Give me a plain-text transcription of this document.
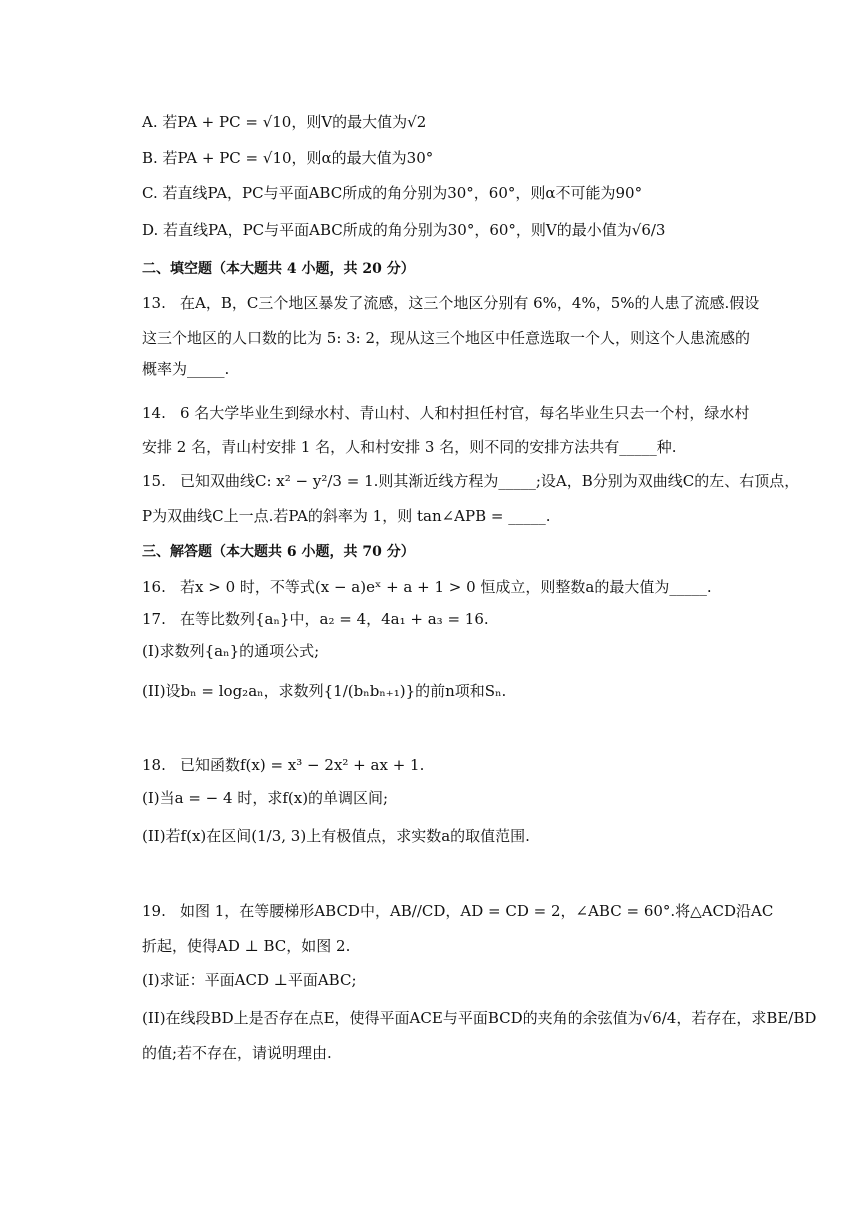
A. 若PA + PC = √10，则V的最大值为√2
B. 若PA + PC = √10，则α的最大值为30°
C. 若直线PA，PC与平面ABC所成的角分别为30°，60°，则α不可能为90°
D. 若直线PA，PC与平面ABC所成的角分别为30°，60°，则V的最小值为√6/3
二、填空题（本大题共 4 小题，共 20 分）
13. 在A，B，C三个地区暴发了流感，这三个地区分别有 6%，4%，5%的人患了流感.假设
这三个地区的人口数的比为 5: 3: 2，现从这三个地区中任意选取一个人，则这个人患流感的
概率为_____.
14. 6 名大学毕业生到绿水村、青山村、人和村担任村官，每名毕业生只去一个村，绿水村
安排 2 名，青山村安排 1 名，人和村安排 3 名，则不同的安排方法共有_____种.
15. 已知双曲线C: x² − y²/3 = 1.则其渐近线方程为_____;设A，B分别为双曲线C的左、右顶点，
P为双曲线C上一点.若PA的斜率为 1，则 tan∠APB = _____.
三、解答题（本大题共 6 小题，共 70 分）
16. 若x > 0 时，不等式(x − a)eˣ + a + 1 > 0 恒成立，则整数a的最大值为_____.
17. 在等比数列{aₙ}中，a₂ = 4，4a₁ + a₃ = 16.
(I)求数列{aₙ}的通项公式;
(II)设bₙ = log₂aₙ，求数列{1/(bₙbₙ₊₁)}的前n项和Sₙ.
18. 已知函数f(x) = x³ − 2x² + ax + 1.
(I)当a = − 4 时，求f(x)的单调区间;
(II)若f(x)在区间(1/3, 3)上有极值点，求实数a的取值范围.
19. 如图 1，在等腰梯形ABCD中，AB//CD，AD = CD = 2，∠ABC = 60°.将△ACD沿AC
折起，使得AD ⊥ BC，如图 2.
(I)求证：平面ACD ⊥平面ABC;
(II)在线段BD上是否存在点E，使得平面ACE与平面BCD的夹角的余弦值为√6/4，若存在，求BE/BD
的值;若不存在，请说明理由.
